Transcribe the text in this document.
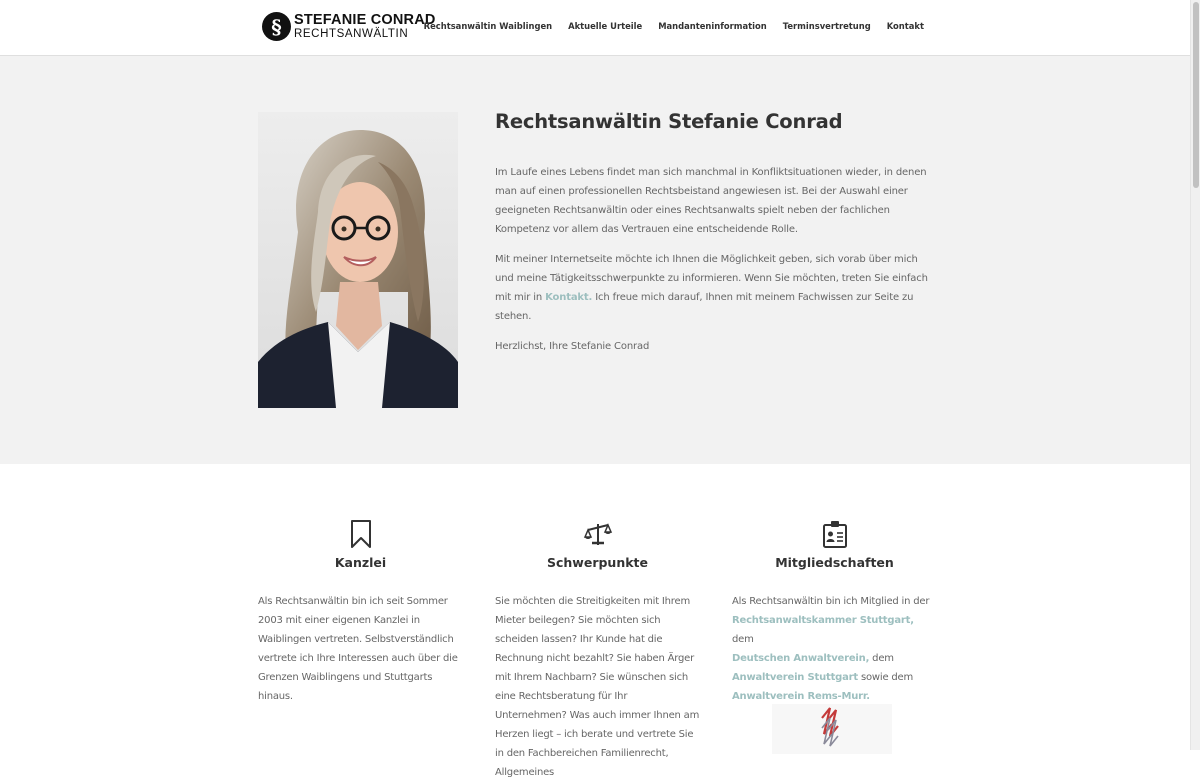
§ STEFANIE CONRAD
RECHTSANWÄLTIN
Rechtsanwältin Waiblingen Aktuelle Urteile Mandanteninformation Terminsvertretung Kontakt
Rechtsanwältin Stefanie Conrad

Im Laufe eines Lebens findet man sich manchmal in Konfliktsituationen wieder, in denen man auf einen professionellen Rechtsbeistand angewiesen ist. Bei der Auswahl einer geeigneten Rechtsanwältin oder eines Rechtsanwalts spielt neben der fachlichen Kompetenz vor allem das Vertrauen eine entscheidende Rolle.

Mit meiner Internetseite möchte ich Ihnen die Möglichkeit geben, sich vorab über mich und meine Tätigkeitsschwerpunkte zu informieren. Wenn Sie möchten, treten Sie einfach mit mir in Kontakt. Ich freue mich darauf, Ihnen mit meinem Fachwissen zur Seite zu stehen.

Herzlichst, Ihre Stefanie Conrad

Kanzlei

Als Rechtsanwältin bin ich seit Sommer 2003 mit einer eigenen Kanzlei in Waiblingen vertreten. Selbstverständlich vertrete ich Ihre Interessen auch über die Grenzen Waiblingens und Stuttgarts hinaus.

Schwerpunkte

Sie möchten die Streitigkeiten mit Ihrem Mieter beilegen? Sie möchten sich scheiden lassen? Ihr Kunde hat die Rechnung nicht bezahlt? Sie haben Ärger mit Ihrem Nachbarn? Sie wünschen sich eine Rechtsberatung für Ihr Unternehmen? Was auch immer Ihnen am Herzen liegt – ich berate und vertrete Sie in den Fachbereichen Familienrecht, Allgemeines

Mitgliedschaften

Als Rechtsanwältin bin ich Mitglied in der
Rechtsanwaltskammer Stuttgart, dem
Deutschen Anwaltverein, dem
Anwaltverein Stuttgart sowie dem
Anwaltverein Rems-Murr.
